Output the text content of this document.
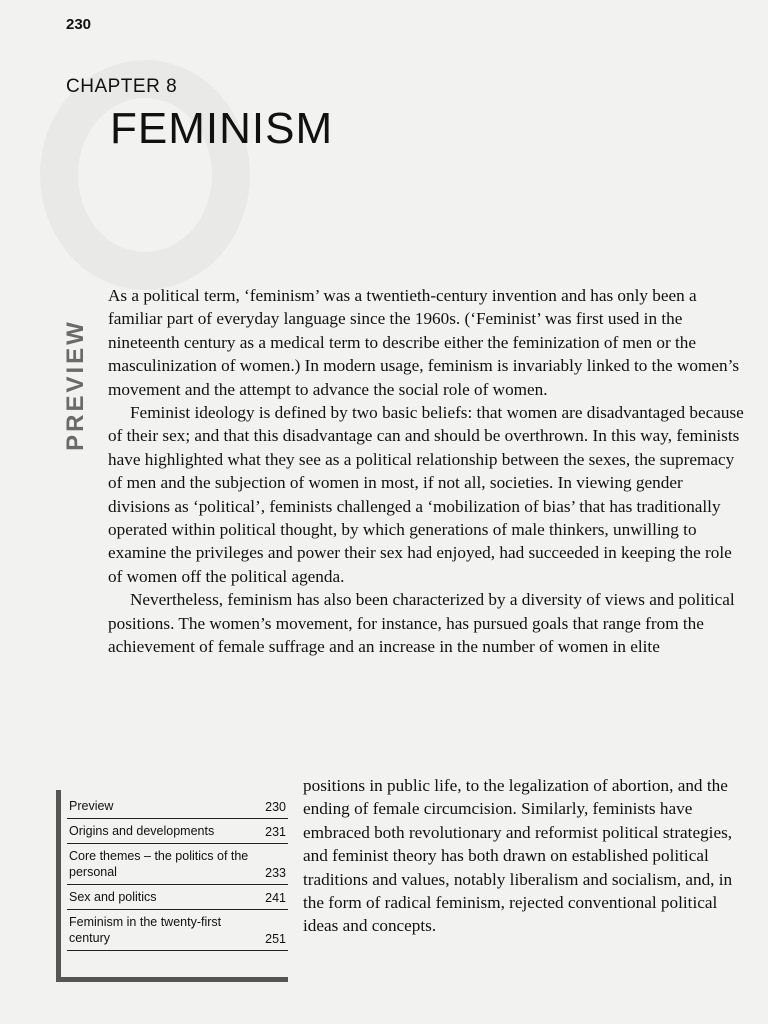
230
CHAPTER 8
FEMINISM
PREVIEW

As a political term, ‘feminism’ was a twentieth-century invention and has only been a familiar part of everyday language since the 1960s. (‘Feminist’ was first used in the nineteenth century as a medical term to describe either the feminization of men or the masculinization of women.) In modern usage, feminism is invariably linked to the women’s movement and the attempt to advance the social role of women.

Feminist ideology is defined by two basic beliefs: that women are disadvantaged because of their sex; and that this disadvantage can and should be overthrown. In this way, feminists have highlighted what they see as a political relationship between the sexes, the supremacy of men and the subjection of women in most, if not all, societies. In viewing gender divisions as ‘political’, feminists challenged a ‘mobilization of bias’ that has traditionally operated within political thought, by which generations of male thinkers, unwilling to examine the privileges and power their sex had enjoyed, had succeeded in keeping the role of women off the political agenda.

Nevertheless, feminism has also been characterized by a diversity of views and political positions. The women’s movement, for instance, has pursued goals that range from the achievement of female suffrage and an increase in the number of women in elite

positions in public life, to the legalization of abortion, and the ending of female circumcision. Similarly, feminists have embraced both revolutionary and reformist political strategies, and feminist theory has both drawn on established political traditions and values, notably liberalism and socialism, and, in the form of radical feminism, rejected conventional political ideas and concepts.
Preview	230
Origins and developments	231
Core themes – the politics of the personal	233
Sex and politics	241
Feminism in the twenty-first century	251
